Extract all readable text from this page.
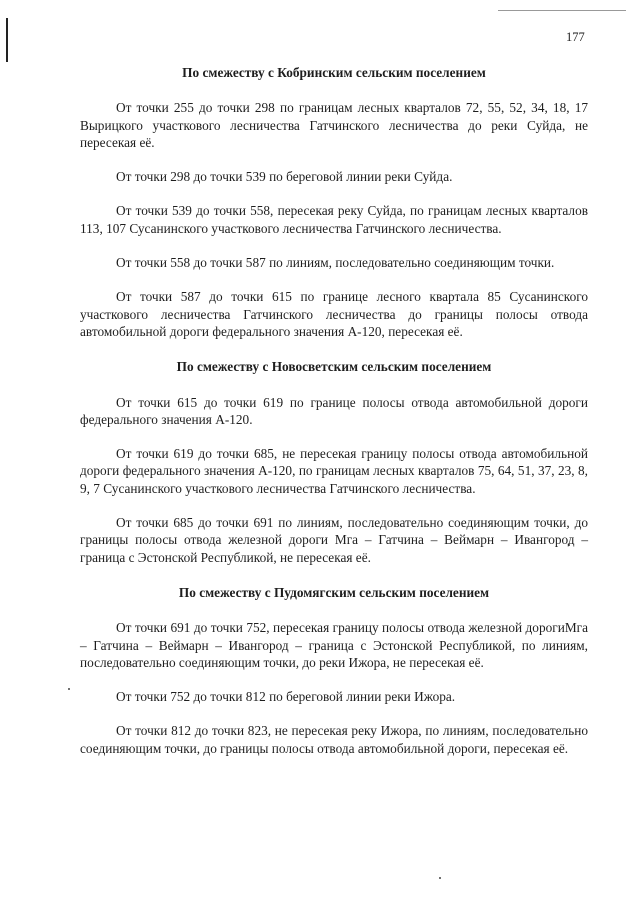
177

По смежеству с Кобринским сельским поселением

От точки 255 до точки 298 по границам лесных кварталов 72, 55, 52, 34, 18, 17 Вырицкого участкового лесничества Гатчинского лесничества до реки Суйда, не пересекая её.

От точки 298 до точки 539 по береговой линии реки Суйда.

От точки 539 до точки 558, пересекая реку Суйда, по границам лесных кварталов 113, 107 Сусанинского участкового лесничества Гатчинского лесничества.

От точки 558 до точки 587 по линиям, последовательно соединяющим точки.

От точки 587 до точки 615 по границе лесного квартала 85 Сусанинского участкового лесничества Гатчинского лесничества до границы полосы отвода автомобильной дороги федерального значения А-120, пересекая её.

По смежеству с Новосветским сельским поселением

От точки 615 до точки 619 по границе полосы отвода автомобильной дороги федерального значения А-120.

От точки 619 до точки 685, не пересекая границу полосы отвода автомобильной дороги федерального значения А-120, по границам лесных кварталов 75, 64, 51, 37, 23, 8, 9, 7 Сусанинского участкового лесничества Гатчинского лесничества.

От точки 685 до точки 691 по линиям, последовательно соединяющим точки, до границы полосы отвода железной дороги Мга – Гатчина – Веймарн – Ивангород – граница с Эстонской Республикой, не пересекая её.

По смежеству с Пудомягским сельским поселением

От точки 691 до точки 752, пересекая границу полосы отвода железной дорогиМга – Гатчина – Веймарн – Ивангород – граница с Эстонской Республикой, по линиям, последовательно соединяющим точки, до реки Ижора, не пересекая её.

От точки 752 до точки 812 по береговой линии реки Ижора.

От точки 812 до точки 823, не пересекая реку Ижора, по линиям, последовательно соединяющим точки, до границы полосы отвода автомобильной дороги, пересекая её.
